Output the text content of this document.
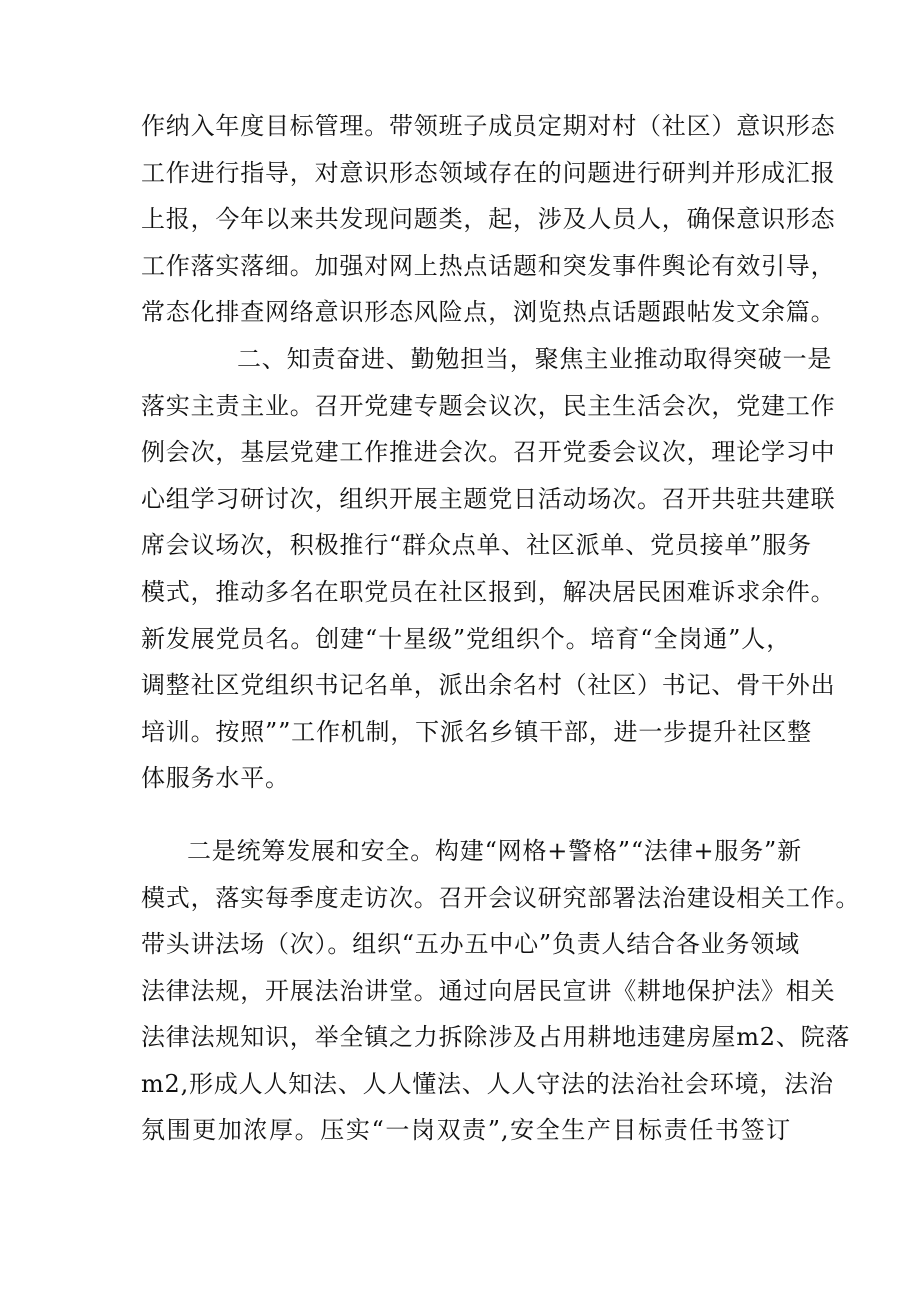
作纳入年度目标管理。带领班子成员定期对村（社区）意识形态
工作进行指导，对意识形态领域存在的问题进行研判并形成汇报
上报，今年以来共发现问题类，起，涉及人员人，确保意识形态
工作落实落细。加强对网上热点话题和突发事件舆论有效引导，
常态化排查网络意识形态风险点，浏览热点话题跟帖发文余篇。
二、知责奋进、勤勉担当，聚焦主业推动取得突破一是
落实主责主业。召开党建专题会议次，民主生活会次，党建工作
例会次，基层党建工作推进会次。召开党委会议次，理论学习中
心组学习研讨次，组织开展主题党日活动场次。召开共驻共建联
席会议场次，积极推行“群众点单、社区派单、党员接单”服务
模式，推动多名在职党员在社区报到，解决居民困难诉求余件。
新发展党员名。创建“十星级”党组织个。培育“全岗通”人，
调整社区党组织书记名单，派出余名村（社区）书记、骨干外出
培训。按照””工作机制，下派名乡镇干部，进一步提升社区整
体服务水平。
二是统筹发展和安全。构建“网格+警格”“法律+服务”新
模式，落实每季度走访次。召开会议研究部署法治建设相关工作。
带头讲法场（次）。组织“五办五中心”负责人结合各业务领域
法律法规，开展法治讲堂。通过向居民宣讲《耕地保护法》相关
法律法规知识，举全镇之力拆除涉及占用耕地违建房屋m2、院落
m2,形成人人知法、人人懂法、人人守法的法治社会环境，法治
氛围更加浓厚。压实“一岗双责”,安全生产目标责任书签订
